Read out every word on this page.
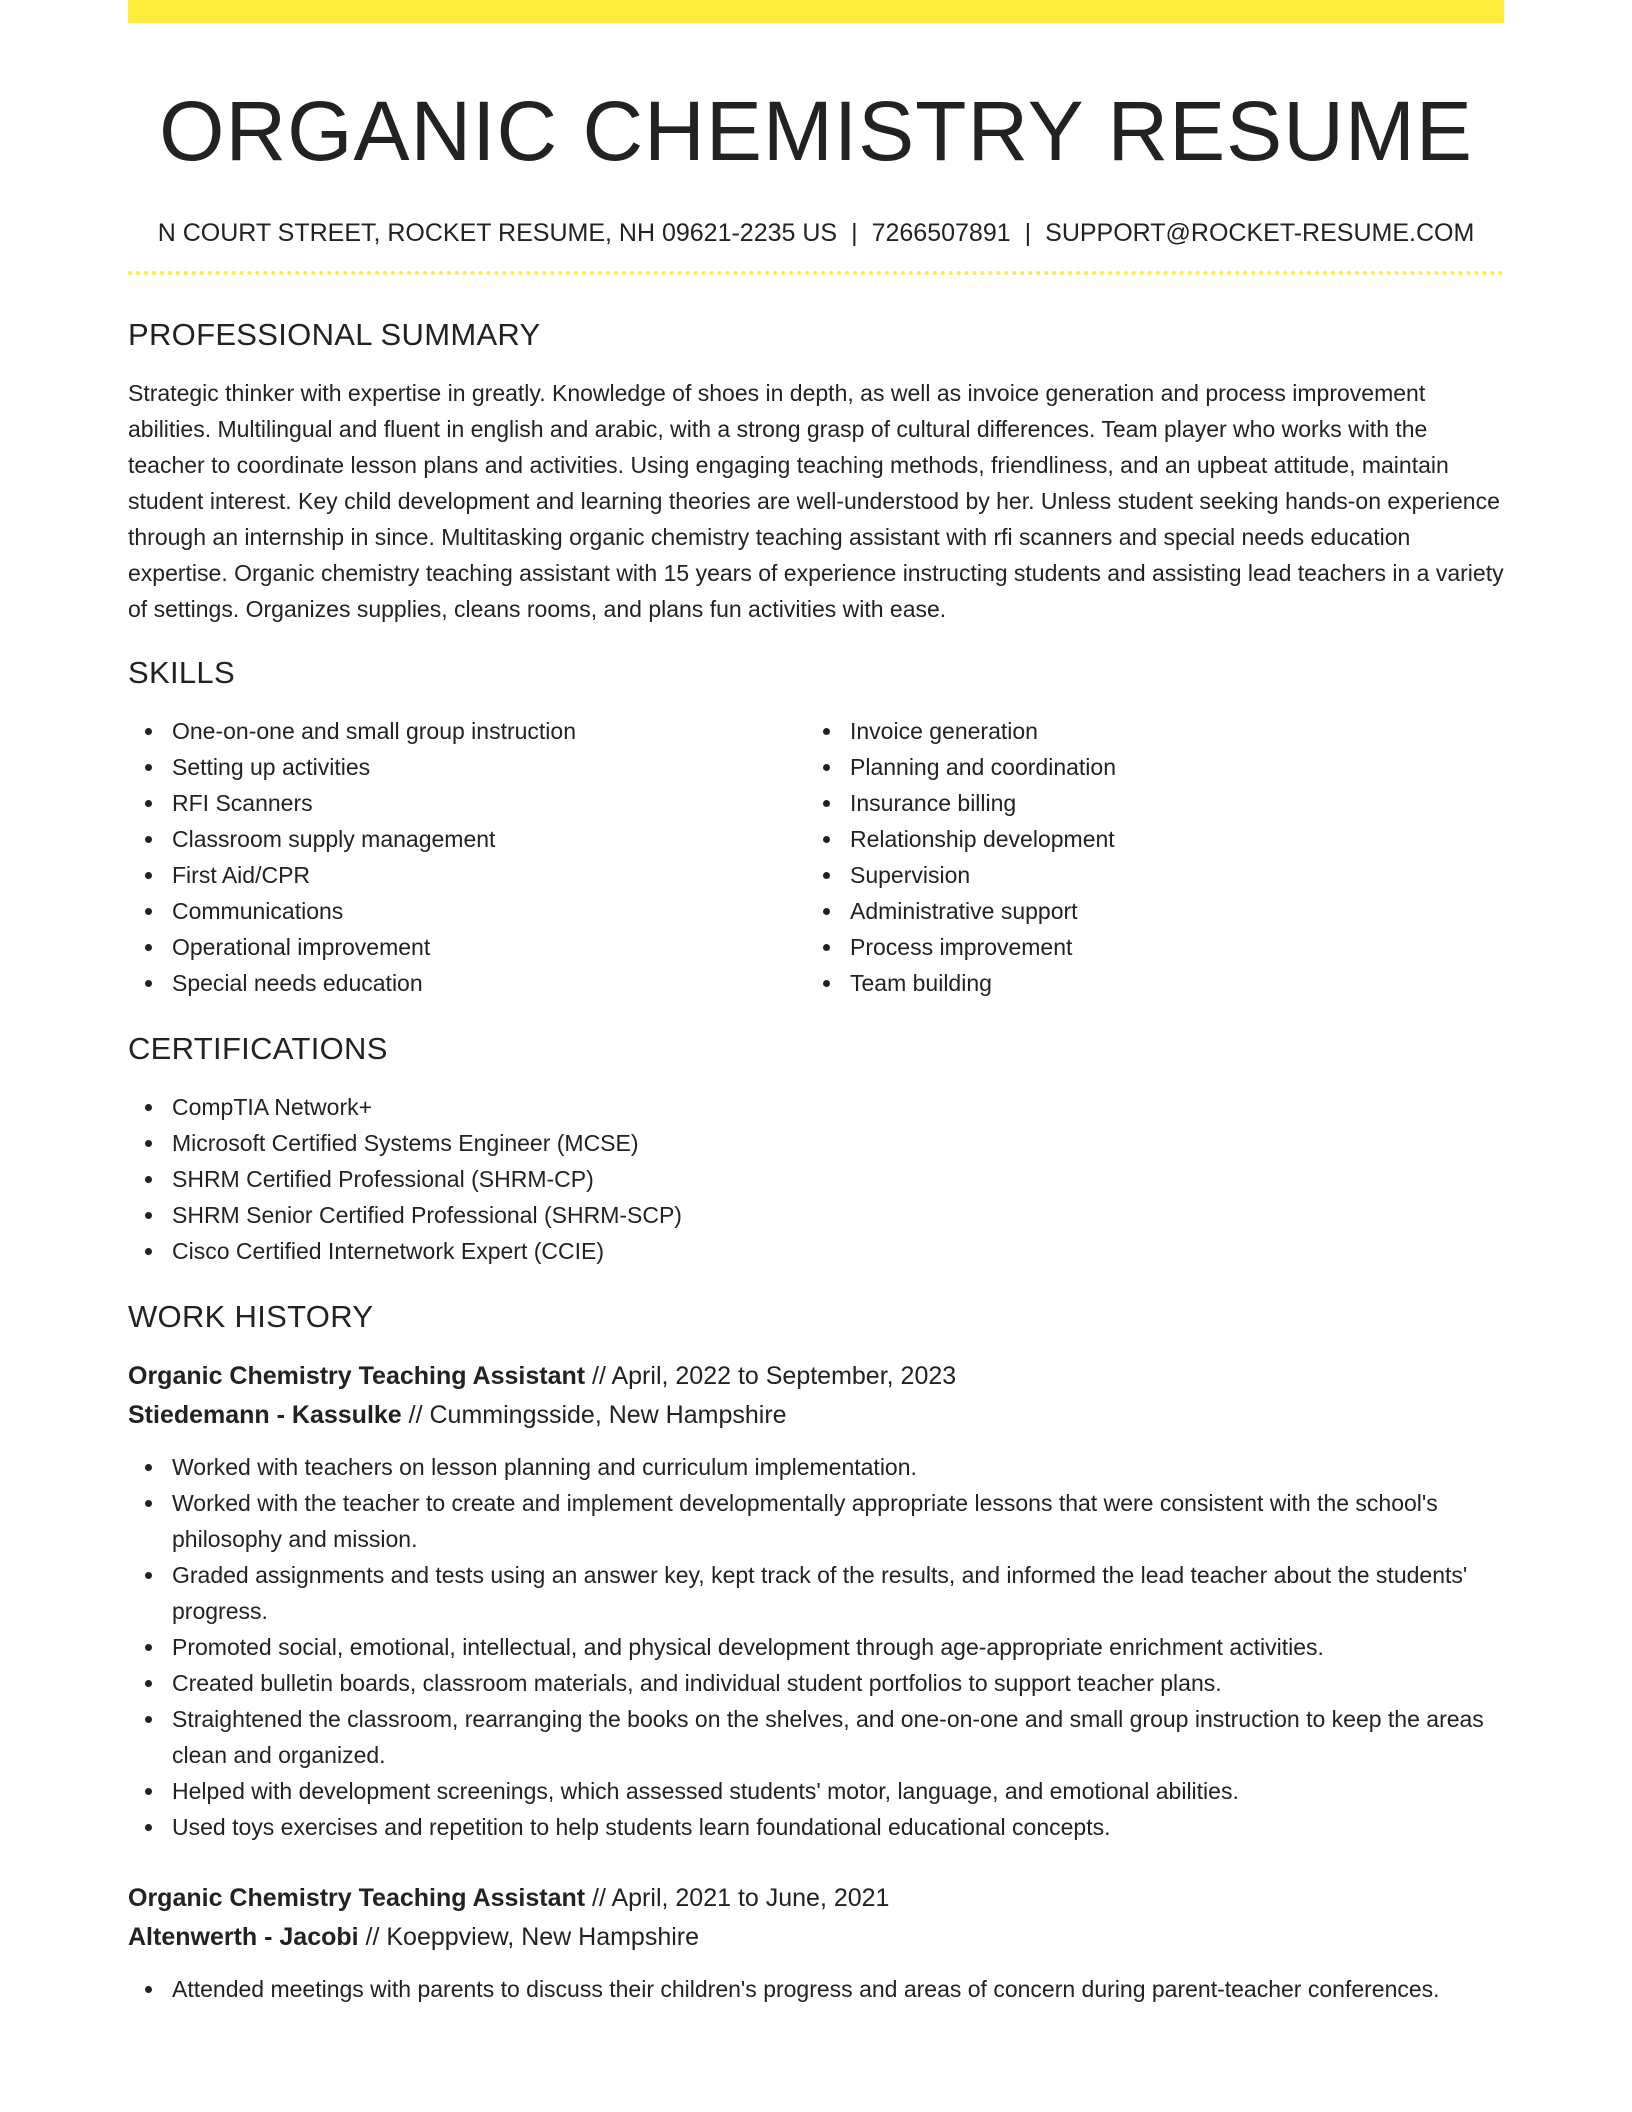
ORGANIC CHEMISTRY RESUME
N COURT STREET, ROCKET RESUME, NH 09621-2235 US | 7266507891 | SUPPORT@ROCKET-RESUME.COM
PROFESSIONAL SUMMARY

Strategic thinker with expertise in greatly. Knowledge of shoes in depth, as well as invoice generation and process improvement abilities. Multilingual and fluent in english and arabic, with a strong grasp of cultural differences. Team player who works with the teacher to coordinate lesson plans and activities. Using engaging teaching methods, friendliness, and an upbeat attitude, maintain student interest. Key child development and learning theories are well-understood by her. Unless student seeking hands-on experience through an internship in since. Multitasking organic chemistry teaching assistant with rfi scanners and special needs education expertise. Organic chemistry teaching assistant with 15 years of experience instructing students and assisting lead teachers in a variety of settings. Organizes supplies, cleans rooms, and plans fun activities with ease.

SKILLS
One-on-one and small group instruction
Setting up activities
RFI Scanners
Classroom supply management
First Aid/CPR
Communications
Operational improvement
Special needs education
Invoice generation
Planning and coordination
Insurance billing
Relationship development
Supervision
Administrative support
Process improvement
Team building
CERTIFICATIONS
CompTIA Network+
Microsoft Certified Systems Engineer (MCSE)
SHRM Certified Professional (SHRM-CP)
SHRM Senior Certified Professional (SHRM-SCP)
Cisco Certified Internetwork Expert (CCIE)
WORK HISTORY
Organic Chemistry Teaching Assistant // April, 2022 to September, 2023
Stiedemann - Kassulke // Cummingsside, New Hampshire
Worked with teachers on lesson planning and curriculum implementation.
Worked with the teacher to create and implement developmentally appropriate lessons that were consistent with the school's philosophy and mission.
Graded assignments and tests using an answer key, kept track of the results, and informed the lead teacher about the students' progress.
Promoted social, emotional, intellectual, and physical development through age-appropriate enrichment activities.
Created bulletin boards, classroom materials, and individual student portfolios to support teacher plans.
Straightened the classroom, rearranging the books on the shelves, and one-on-one and small group instruction to keep the areas clean and organized.
Helped with development screenings, which assessed students' motor, language, and emotional abilities.
Used toys exercises and repetition to help students learn foundational educational concepts.
Organic Chemistry Teaching Assistant // April, 2021 to June, 2021
Altenwerth - Jacobi // Koeppview, New Hampshire
Attended meetings with parents to discuss their children's progress and areas of concern during parent-teacher conferences.
